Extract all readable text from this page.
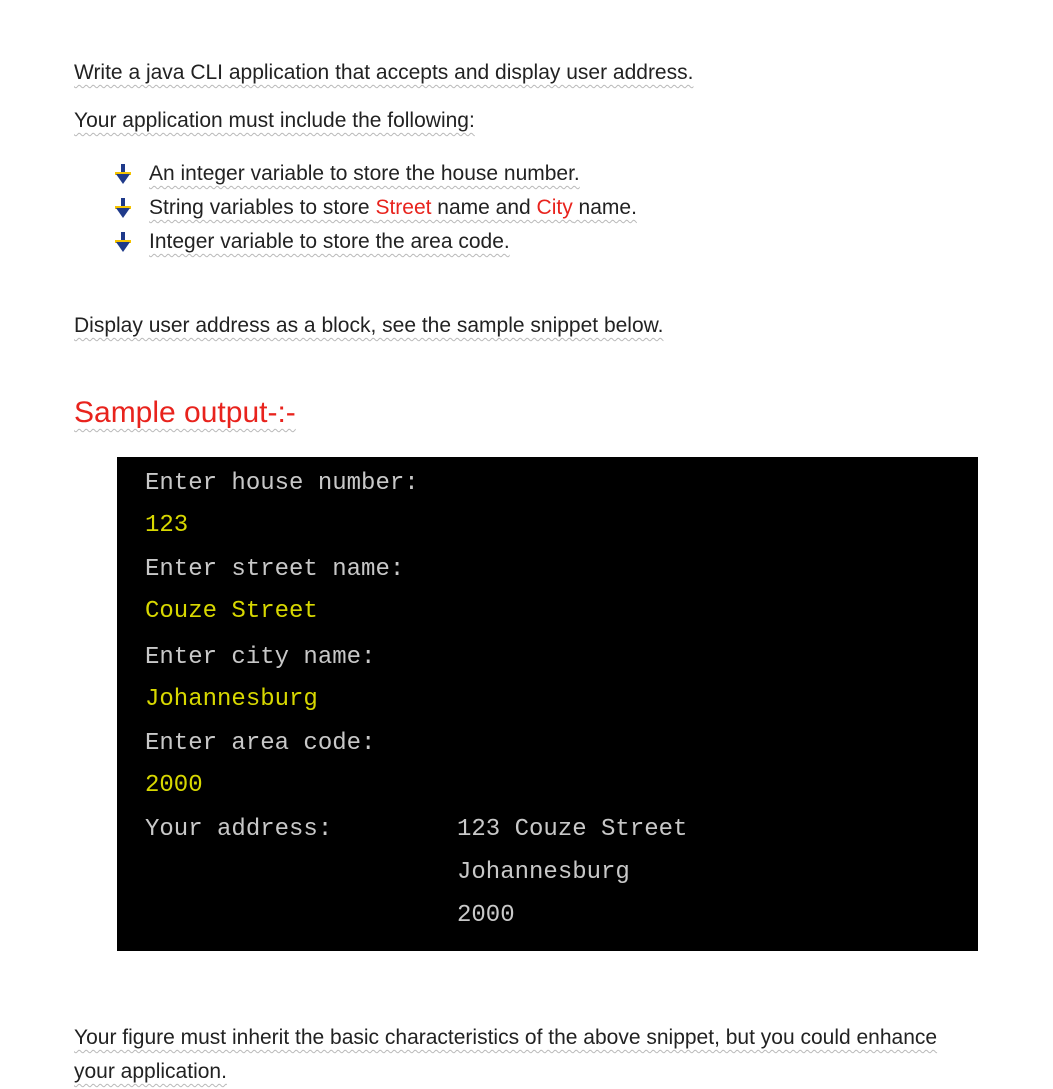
Write a java CLI application that accepts and display user address.
Your application must include the following:
An integer variable to store the house number.
String variables to store Street name and City name.
Integer variable to store the area code.
Display user address as a block, see the sample snippet below.
Sample output-:-
Enter house number:
123
Enter street name:
Couze Street
Enter city name:
Johannesburg
Enter area code:
2000
Your address:	123 Couze Street
Johannesburg
2000
Your figure must inherit the basic characteristics of the above snippet, but you could enhance your application.
